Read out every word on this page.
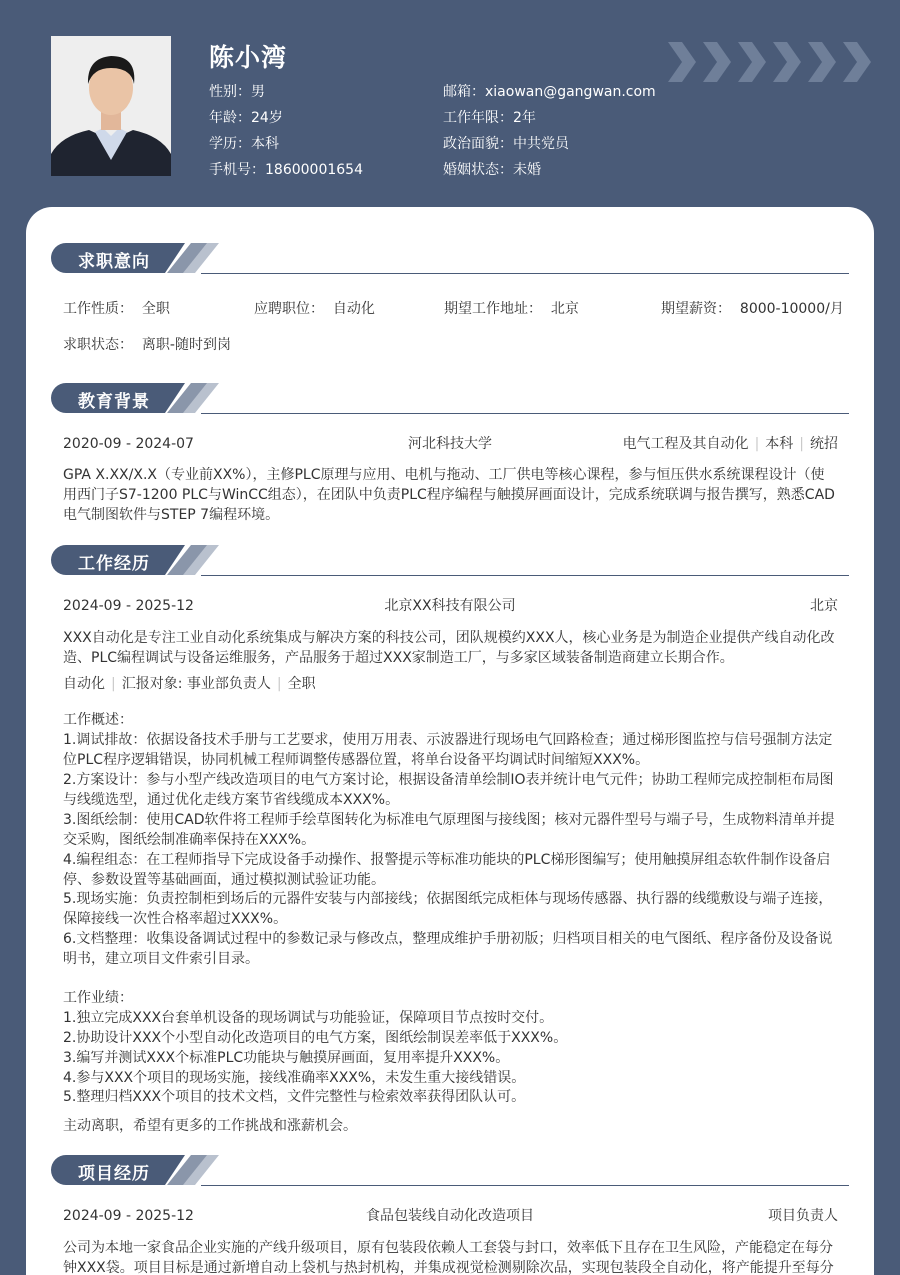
陈小湾
性别：男
年龄：24岁
学历：本科
手机号：18600001654
邮箱：xiaowan@gangwan.com
工作年限：2年
政治面貌：中共党员
婚姻状态：未婚
求职意向
工作性质： 全职	应聘职位： 自动化	期望工作地址： 北京	期望薪资： 8000-10000/月
求职状态： 离职-随时到岗
教育背景
2020-09 - 2024-07	河北科技大学	电气工程及其自动化 | 本科 | 统招
GPA X.XX/X.X（专业前XX%），主修PLC原理与应用、电机与拖动、工厂供电等核心课程，参与恒压供水系统课程设计（使用西门子S7-1200 PLC与WinCC组态），在团队中负责PLC程序编程与触摸屏画面设计，完成系统联调与报告撰写，熟悉CAD电气制图软件与STEP 7编程环境。
工作经历
2024-09 - 2025-12	北京XX科技有限公司	北京
XXX自动化是专注工业自动化系统集成与解决方案的科技公司，团队规模约XXX人，核心业务是为制造企业提供产线自动化改造、PLC编程调试与设备运维服务，产品服务于超过XXX家制造工厂，与多家区域装备制造商建立长期合作。
自动化 | 汇报对象: 事业部负责人 | 全职
工作概述：
1.调试排故：依据设备技术手册与工艺要求，使用万用表、示波器进行现场电气回路检查；通过梯形图监控与信号强制方法定位PLC程序逻辑错误，协同机械工程师调整传感器位置，将单台设备平均调试时间缩短XXX%。
2.方案设计：参与小型产线改造项目的电气方案讨论，根据设备清单绘制IO表并统计电气元件；协助工程师完成控制柜布局图与线缆选型，通过优化走线方案节省线缆成本XXX%。
3.图纸绘制：使用CAD软件将工程师手绘草图转化为标准电气原理图与接线图；核对元器件型号与端子号，生成物料清单并提交采购，图纸绘制准确率保持在XXX%。
4.编程组态：在工程师指导下完成设备手动操作、报警提示等标准功能块的PLC梯形图编写；使用触摸屏组态软件制作设备启停、参数设置等基础画面，通过模拟测试验证功能。
5.现场实施：负责控制柜到场后的元器件安装与内部接线；依据图纸完成柜体与现场传感器、执行器的线缆敷设与端子连接，保障接线一次性合格率超过XXX%。
6.文档整理：收集设备调试过程中的参数记录与修改点，整理成维护手册初版；归档项目相关的电气图纸、程序备份及设备说明书，建立项目文件索引目录。
工作业绩：
1.独立完成XXX台套单机设备的现场调试与功能验证，保障项目节点按时交付。
2.协助设计XXX个小型自动化改造项目的电气方案，图纸绘制误差率低于XXX%。
3.编写并测试XXX个标准PLC功能块与触摸屏画面，复用率提升XXX%。
4.参与XXX个项目的现场实施，接线准确率XXX%，未发生重大接线错误。
5.整理归档XXX个项目的技术文档，文件完整性与检索效率获得团队认可。
主动离职，希望有更多的工作挑战和涨薪机会。
项目经历
2024-09 - 2025-12	食品包装线自动化改造项目	项目负责人
公司为本地一家食品企业实施的产线升级项目，原有包装段依赖人工套袋与封口，效率低下且存在卫生风险，产能稳定在每分钟XXX袋。项目目标是通过新增自动上袋机与热封机构，并集成视觉检测剔除次品，实现包装段全自动化，将产能提升至每分
